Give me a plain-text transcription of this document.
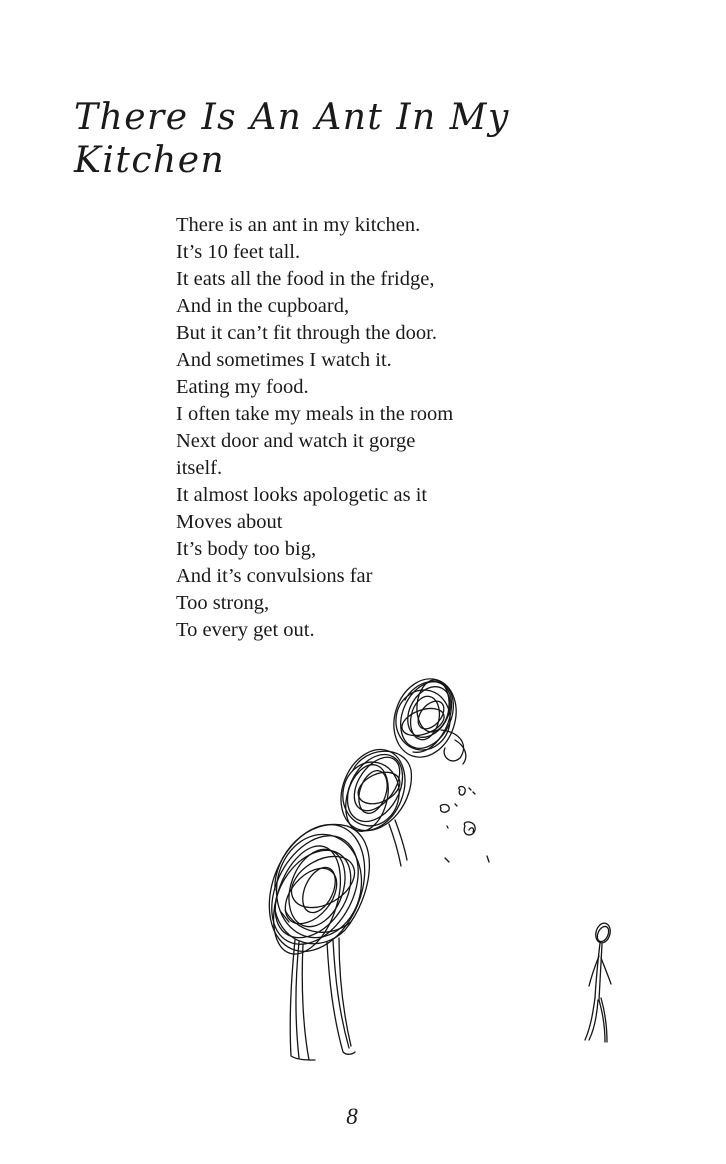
There Is An Ant In My Kitchen
There is an ant in my kitchen.
It’s 10 feet tall.
It eats all the food in the fridge,
And in the cupboard,
But it can’t fit through the door.
And sometimes I watch it.
Eating my food.
I often take my meals in the room
Next door and watch it gorge
itself.
It almost looks apologetic as it
Moves about
It’s body too big,
And it’s convulsions far
Too strong,
To every get out.
8
